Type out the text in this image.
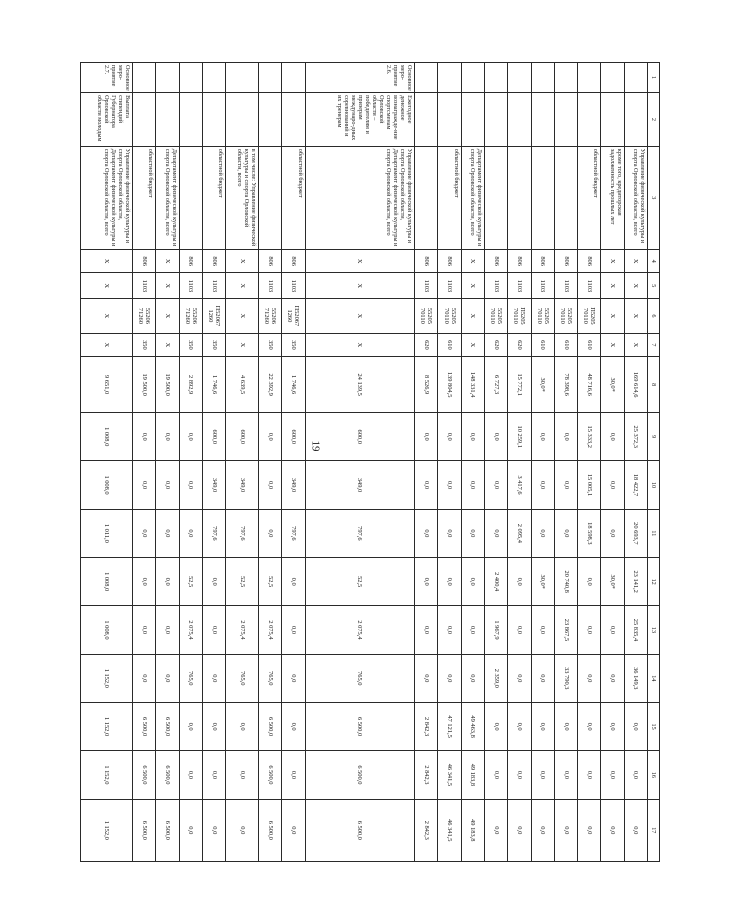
19
1	2	3	4	5	6	7	8	9	10	11	12	13	14	15	16	17
		Управление физической культуры и спорта Орловской области, всего	X	X	X	X	169 614,6	25 372,3	18 422,7	20 693,7	23 141,2	25 835,4	36 149,3	0,0	0,0	0,0
		кроме того, кредиторская задолженность прошлых лет	X	X	X	X	30,0*	0,0	0,0	0,0	30,0*	0,0	0,0	0,0	0,0	0,0
		областной бюджет	806	1103	П5205 70110	610	48 716,6	15 333,2	15 005,1	18 598,3	0,0	0,0	0,0	0,0	0,0	0,0
			806	1103	55205 70110	610	78 398,6	0,0	0,0	0,0	20 740,8	23 867,5	33 790,3	0,0	0,0	0,0
			806	1103	55205 70110	610	30,0*	0,0	0,0	0,0	30,0*	0,0	0,0	0,0	0,0	0,0
			806	1103	П5205 70110	620	15 772,1	10 259,1	3 417,6	2 095,4	0,0	0,0	0,0	0,0	0,0	0,0
			806	1103	55205 70110	620	6 727,3	0,0	0,0	0,0	2 400,4	1 967,9	2 359,0	0,0	0,0	0,0
		Департамент физической культуры и спорта Орловской области, всего	X	X	X	X	148 331,4	0,0	0,0	0,0	0,0	0,0	0,0	49 463,8	49 183,8	49 183,8
		областной бюджет	806	1103	55205 70110	610	139 804,5	0,0	0,0	0,0	0,0	0,0	0,0	47 121,5	46 341,5	46 341,5
			806	1103	55205 70110	620	8 526,9	0,0	0,0	0,0	0,0	0,0	0,0	2 842,3	2 842,3	2 842,3
Основное меро-приятие 2.6.	Ежегодное денежное вознагражде-ние спортсменам Орловской области – победителям и призерам междунаро-дных соревнований и их тренерам	Управление физической культуры и спорта Орловской области, Департамент физической культуры и спорта Орловской области, всего	X	X	X	X	24 139,5	600,0	349,0	797,6	52,5	2 075,4	765,0	6 500,0	6 500,0	6 500,0
		областной бюджет	806	1103	П52067 1260	350	1 746,6	600,0	349,0	797,6	0,0	0,0	0,0	0,0	0,0	0,0
			806	1103	55206 71260	350	22 392,9	0,0	0,0	0,0	52,5	2 075,4	765,0	6 500,0	6 500,0	6 500,0
		в том числе: Управление физической культуры и спорта Орловской области, всего	X	X	X	X	4 639,5	600,0	349,0	797,6	52,5	2 075,4	765,0	0,0	0,0	0,0
		областной бюджет	806	1103	П52067 1260	350	1 746,6	600,0	349,0	797,6	0,0	0,0	0,0	0,0	0,0	0,0
			806	1103	55206 71260	350	2 892,9	0,0	0,0	0,0	52,5	2 075,4	765,0	0,0	0,0	0,0
		Департамент физической культуры и спорта Орловской области, всего	X	X	X	X	19 500,0	0,0	0,0	0,0	0,0	0,0	0,0	6 500,0	6 500,0	6 500,0
		областной бюджет	806	1103	55206 71260	350	19 500,0	0,0	0,0	0,0	0,0	0,0	0,0	6 500,0	6 500,0	6 500,0
Основное меро-приятие 2.7.	Выплата стипендий Губернатора Орловской области молодым	Управление физической культуры и спорта Орловской области, Департамент физической культуры и спорта Орловской области, всего	X	X	X	X	9 651,0	1 008,0	1 008,0	1 011,0	1 008,0	1 008,0	1 152,0	1 152,0	1 152,0	1 152,0
